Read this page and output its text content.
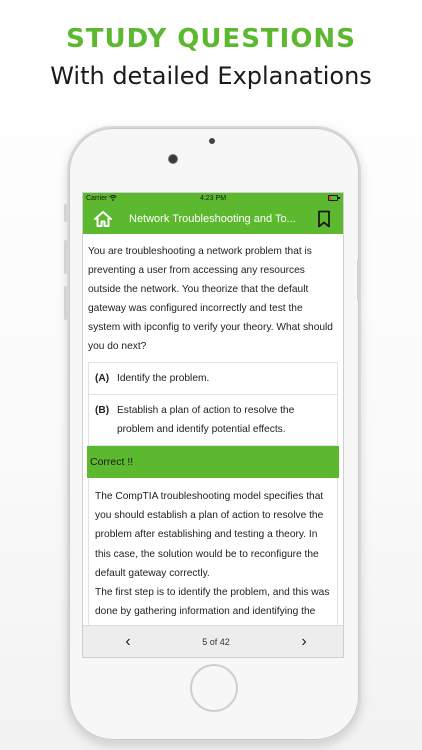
STUDY QUESTIONS
With detailed Explanations
Carrier	4:23 PM
Network Troubleshooting and To...
You are troubleshooting a network problem that is preventing a user from accessing any resources outside the network. You theorize that the default gateway was configured incorrectly and test the system with ipconfig to verify your theory. What should you do next?
(A) Identify the problem.
(B) Establish a plan of action to resolve the problem and identify potential effects.
Correct !!
The CompTIA troubleshooting model specifies that you should establish a plan of action to resolve the problem after establishing and testing a theory. In this case, the solution would be to reconfigure the default gateway correctly.
The first step is to identify the problem, and this was done by gathering information and identifying the
‹	5 of 42	›
